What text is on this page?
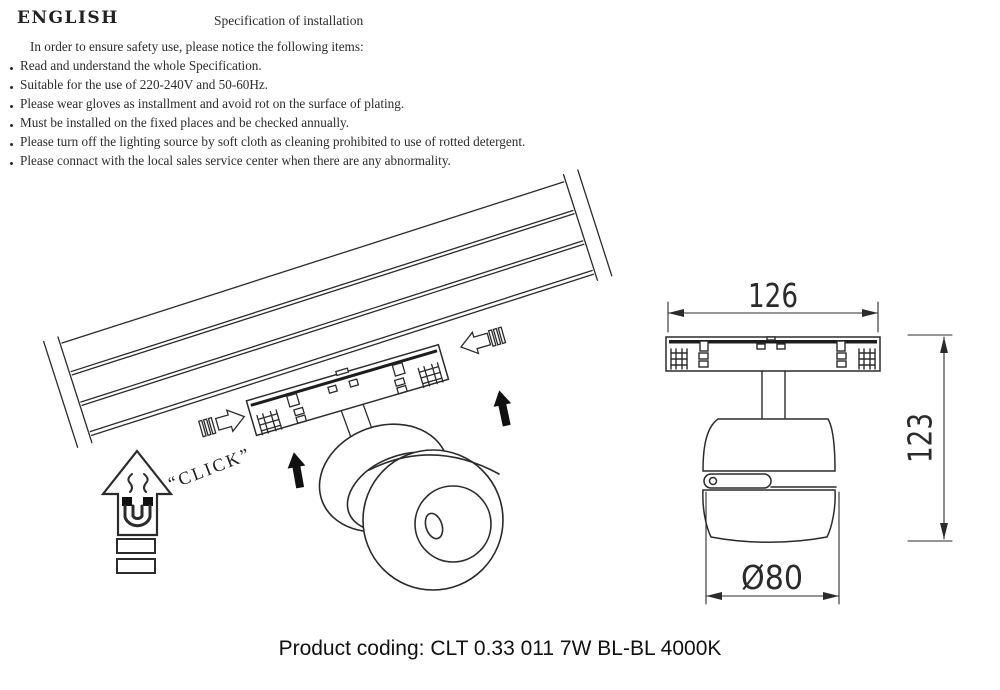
ENGLISH	Specification of installation
In order to ensure safety use, please notice the following items:
Read and understand the whole Specification.
Suitable for the use of 220-240V and 50-60Hz.
Please wear gloves as installment and avoid rot on the surface of plating.
Must be installed on the fixed places and be checked annually.
Please turn off the lighting source by soft cloth as cleaning prohibited to use of rotted detergent.
Please connact with the local sales service center when there are any abnormality.
“CLICK”
126
123
Ø80
Product coding: CLT 0.33 011 7W BL-BL 4000K
